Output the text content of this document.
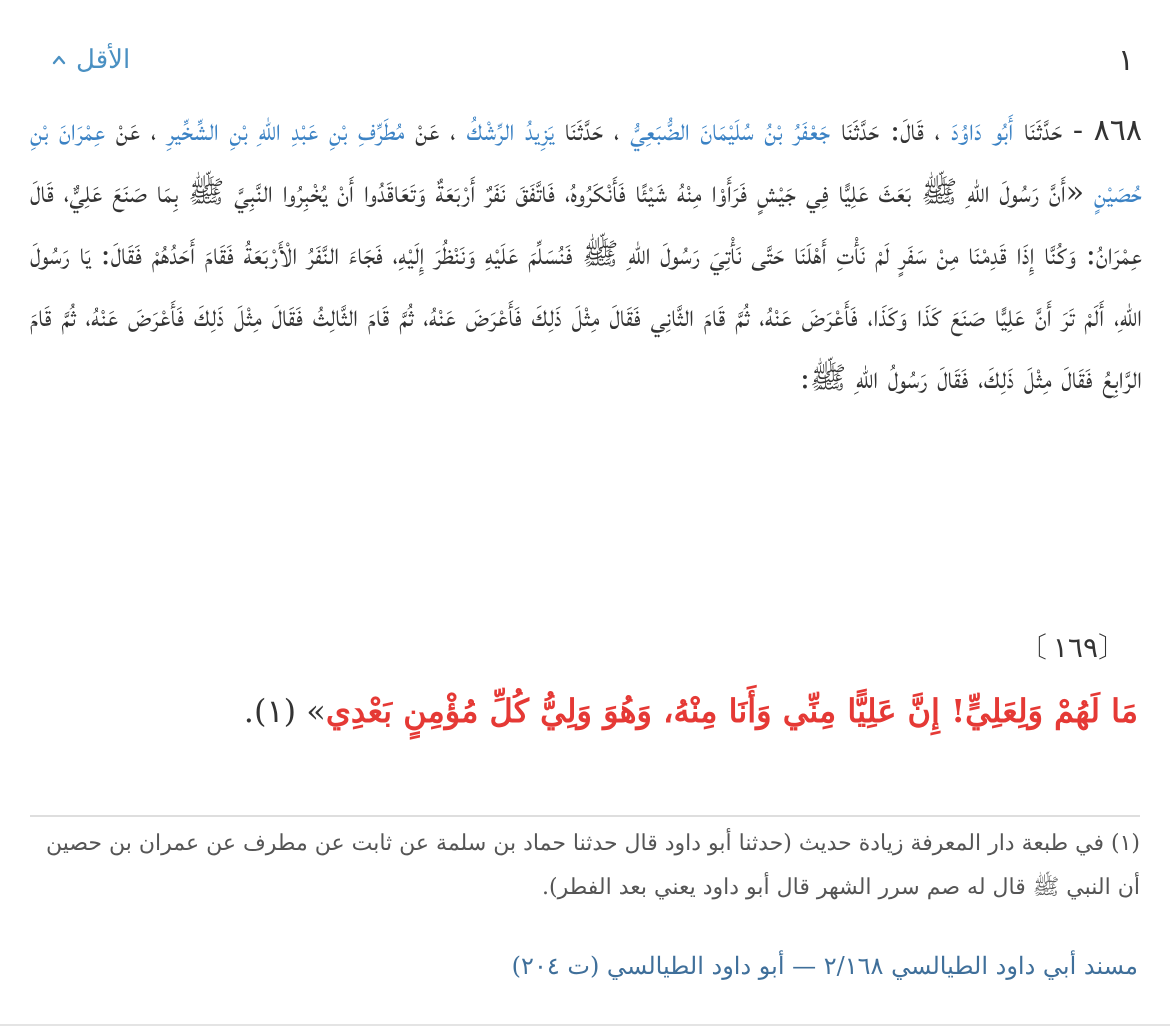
الأقل	١
٨٦٨ - حَدَّثَنَا أَبُو دَاوُدَ ، قَالَ: حَدَّثَنَا جَعْفَرُ بْنُ سُلَيْمَانَ الضُّبَعِيُّ ، حَدَّثَنَا يَزِيدُ الرِّشْكُ ، عَنْ مُطَرِّفِ بْنِ عَبْدِ اللهِ بْنِ الشِّخِّيرِ ، عَنْ عِمْرَانَ بْنِ حُصَيْنٍ «أَنَّ رَسُولَ اللهِ ﷺ بَعَثَ عَلِيًّا فِي جَيْشٍ فَرَأَوْا مِنْهُ شَيْئًا فَأَنْكَرُوهُ، فَاتَّفَقَ نَفَرٌ أَرْبَعَةٌ وَتَعَاقَدُوا أَنْ يُخْبِرُوا النَّبِيَّ ﷺ بِمَا صَنَعَ عَلِيٌّ، قَالَ عِمْرَانُ: وَكُنَّا إِذَا قَدِمْنَا مِنْ سَفَرٍ لَمْ نَأْتِ أَهْلَنَا حَتَّى نَأْتِيَ رَسُولَ اللهِ ﷺ فَنُسَلِّمَ عَلَيْهِ وَنَنْظُرَ إِلَيْهِ، فَجَاءَ النَّفَرُ الْأَرْبَعَةُ فَقَامَ أَحَدُهُمْ فَقَالَ: يَا رَسُولَ اللهِ، أَلَمْ تَرَ أَنَّ عَلِيًّا صَنَعَ كَذَا وَكَذَا، فَأَعْرَضَ عَنْهُ، ثُمَّ قَامَ الثَّانِي فَقَالَ مِثْلَ ذَلِكَ فَأَعْرَضَ عَنْهُ، ثُمَّ قَامَ الثَّالِثُ فَقَالَ مِثْلَ ذَلِكَ فَأَعْرَضَ عَنْهُ، ثُمَّ قَامَ الرَّابِعُ فَقَالَ مِثْلَ ذَلِكَ، فَقَالَ رَسُولُ اللهِ ﷺ:
〔١٦٩〕
مَا لَهُمْ وَلِعَلِيٍّ! إِنَّ عَلِيًّا مِنِّي وَأَنَا مِنْهُ، وَهُوَ وَلِيُّ كُلِّ مُؤْمِنٍ بَعْدِي» (١).
(١) في طبعة دار المعرفة زيادة حديث (حدثنا أبو داود قال حدثنا حماد بن سلمة عن ثابت عن مطرف عن عمران بن حصين أن النبي ﷺ قال له صم سرر الشهر قال أبو داود يعني بعد الفطر).
مسند أبي داود الطيالسي ٢/١٦٨ — أبو داود الطيالسي (ت ٢٠٤)
